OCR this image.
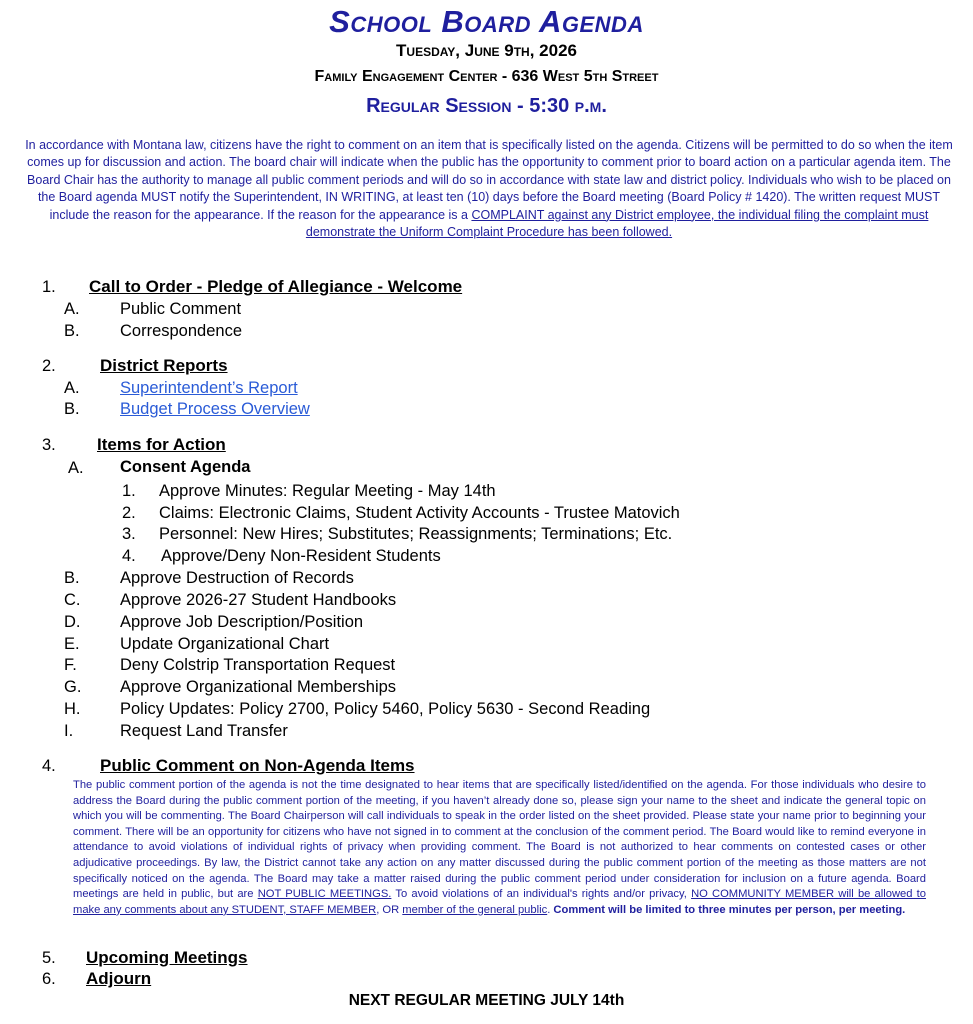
School Board Agenda
Tuesday, June 9th, 2026
Family Engagement Center - 636 West 5th Street
Regular Session - 5:30 p.m.
In accordance with Montana law, citizens have the right to comment on an item that is specifically listed on the agenda. Citizens will be permitted to do so when the item comes up for discussion and action. The board chair will indicate when the public has the opportunity to comment prior to board action on a particular agenda item. The Board Chair has the authority to manage all public comment periods and will do so in accordance with state law and district policy. Individuals who wish to be placed on the Board agenda MUST notify the Superintendent, IN WRITING, at least ten (10) days before the Board meeting (Board Policy # 1420). The written request MUST include the reason for the appearance. If the reason for the appearance is a COMPLAINT against any District employee, the individual filing the complaint must demonstrate the Uniform Complaint Procedure has been followed.
1. Call to Order - Pledge of Allegiance - Welcome
A. Public Comment
B. Correspondence
2.	District Reports
A. Superintendent’s Report
B. Budget Process Overview
3. Items for Action
A. Consent Agenda
1. Approve Minutes: Regular Meeting - May 14th
2. Claims: Electronic Claims, Student Activity Accounts - Trustee Matovich
3. Personnel: New Hires; Substitutes; Reassignments; Terminations; Etc.
4. Approve/Deny Non-Resident Students
B. Approve Destruction of Records
C. Approve 2026-27 Student Handbooks
D. Approve Job Description/Position
E. Update Organizational Chart
F.	Deny Colstrip Transportation Request
G. Approve Organizational Memberships
H. Policy Updates: Policy 2700, Policy 5460, Policy 5630 - Second Reading
I.	Request Land Transfer
4.	Public Comment on Non-Agenda Items
The public comment portion of the agenda is not the time designated to hear items that are specifically listed/identified on the agenda. For those individuals who desire to address the Board during the public comment portion of the meeting, if you haven’t already done so, please sign your name to the sheet and indicate the general topic on which you will be commenting. The Board Chairperson will call individuals to speak in the order listed on the sheet provided. Please state your name prior to beginning your comment. There will be an opportunity for citizens who have not signed in to comment at the conclusion of the comment period. The Board would like to remind everyone in attendance to avoid violations of individual rights of privacy when providing comment. The Board is not authorized to hear comments on contested cases or other adjudicative proceedings. By law, the District cannot take any action on any matter discussed during the public comment portion of the meeting as those matters are not specifically noticed on the agenda. The Board may take a matter raised during the public comment period under consideration for inclusion on a future agenda. Board meetings are held in public, but are NOT PUBLIC MEETINGS. To avoid violations of an individual's rights and/or privacy, NO COMMUNITY MEMBER will be allowed to make any comments about any STUDENT, STAFF MEMBER, OR member of the general public. Comment will be limited to three minutes per person, per meeting.
5. Upcoming Meetings
6. Adjourn
NEXT REGULAR MEETING JULY 14th
